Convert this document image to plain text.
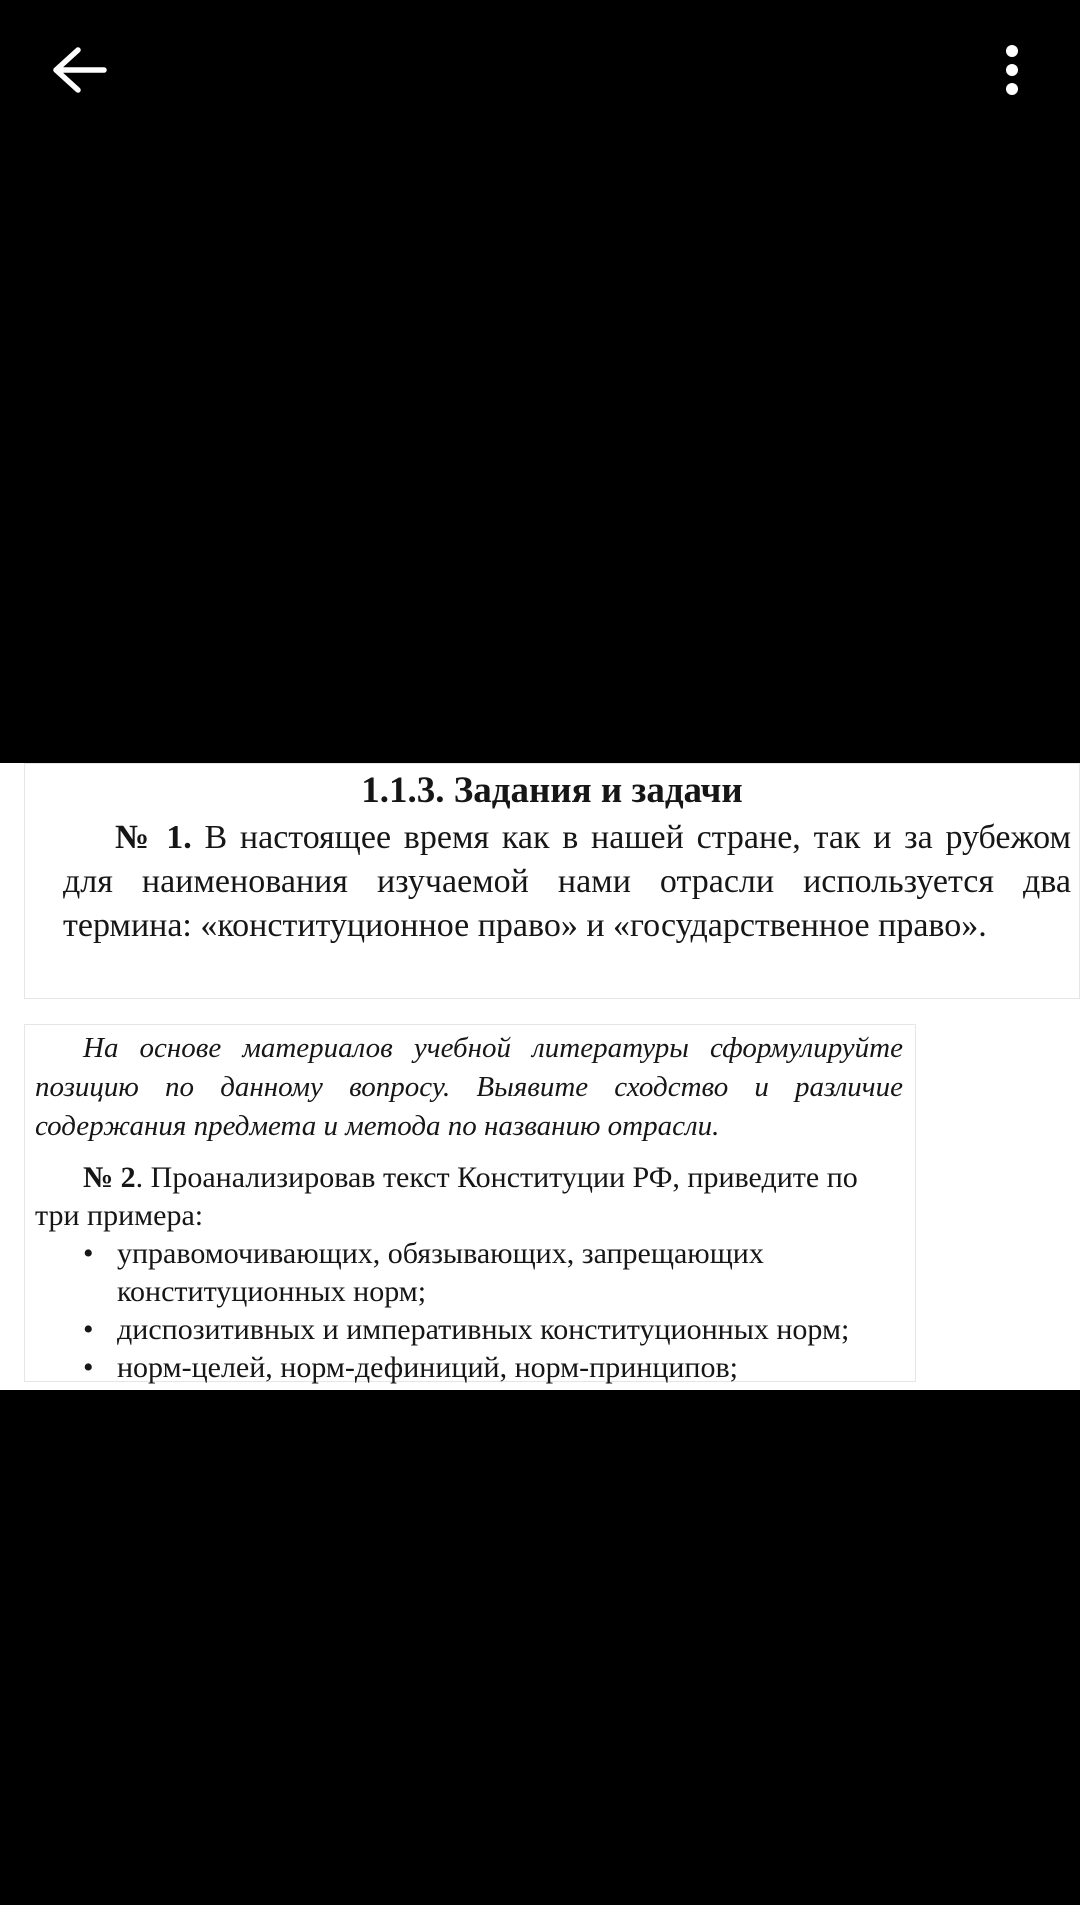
1.1.3. Задания и задачи

№ 1. В настоящее время как в нашей стране, так и за рубежом для наименования изучаемой нами отрасли используется два термина: «конституционное право» и «государственное право».

На основе материалов учебной литературы сформулируйте позицию по данному вопросу. Выявите сходство и различие содержания предмета и метода по названию отрасли.

№ 2. Проанализировав текст Конституции РФ, приведите по три примера:

• управомочивающих, обязывающих, запрещающих конституционных норм;
• диспозитивных и императивных конституционных норм;
• норм-целей, норм-дефиниций, норм-принципов;
